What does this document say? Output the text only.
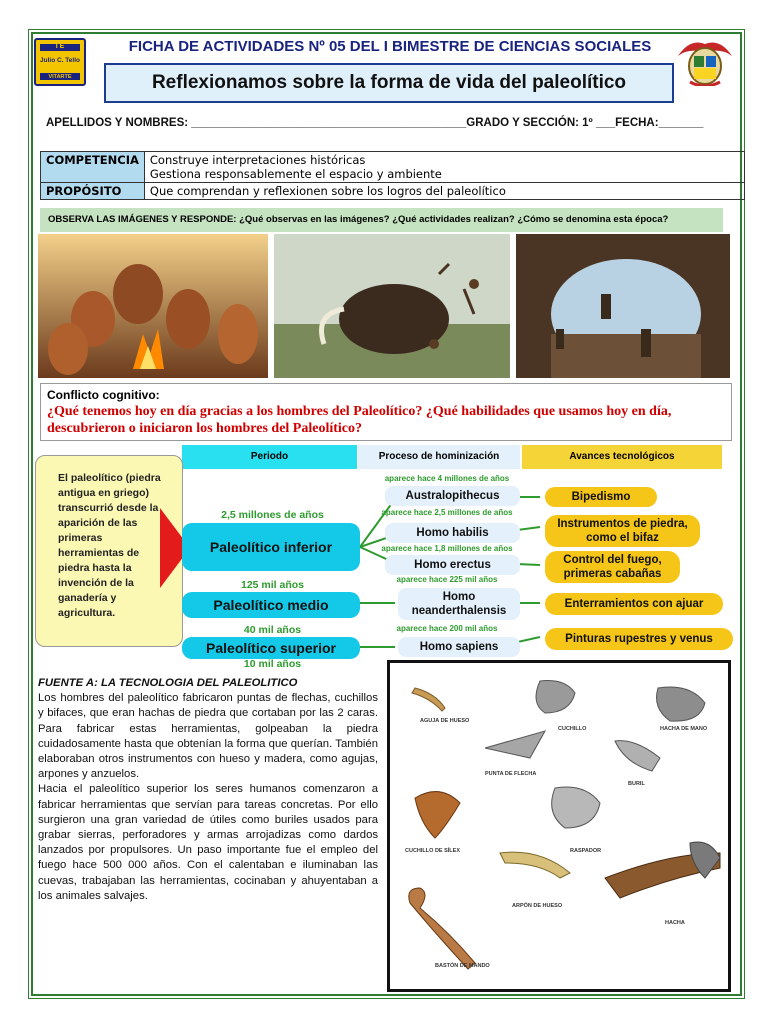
I E
Julio C. Tello
VITARTE
FICHA DE ACTIVIDADES Nº 05 DEL I BIMESTRE DE CIENCIAS SOCIALES
Reflexionamos sobre la forma de vida del paleolítico
APELLIDOS Y NOMBRES: ___________________________________________GRADO Y SECCIÓN: 1º ___FECHA:_______
COMPETENCIA	Construye interpretaciones históricas
Gestiona responsablemente el espacio y ambiente

PROPÓSITO	Que comprendan y reflexionen sobre los logros del paleolítico
OBSERVA LAS IMÁGENES Y RESPONDE: ¿Qué observas en las imágenes? ¿Qué actividades realizan? ¿Cómo se denomina esta época?
Conflicto cognitivo:
¿Qué tenemos hoy en día gracias a los hombres del Paleolítico? ¿Qué habilidades que usamos hoy en día, descubrieron o iniciaron los hombres del Paleolítico?
Periodo	Proceso de hominización	Avances tecnológicos
El paleolítico (piedra antigua en griego) transcurrió desde la aparición de las primeras herramientas de piedra hasta la invención de la ganadería y agricultura.
2,5 millones de años
Paleolítico inferior
125 mil años
Paleolítico medio
40 mil años
Paleolítico superior
10 mil años
aparece hace 4 millones de años
Australopithecus
aparece hace 2,5 millones de años
Homo habilis
aparece hace 1,8 millones de años
Homo erectus
aparece hace 225 mil años
Homo neanderthalensis
aparece hace 200 mil años
Homo sapiens
Bipedismo
Instrumentos de piedra, como el bifaz
Control del fuego, primeras cabañas
Enterramientos con ajuar
Pinturas rupestres y venus
FUENTE A: LA TECNOLOGIA DEL PALEOLITICO
Los hombres del paleolítico fabricaron puntas de flechas, cuchillos y bifaces, que eran hachas de piedra que cortaban por las 2 caras. Para fabricar estas herramientas, golpeaban la piedra cuidadosamente hasta que obtenían la forma que querían. También elaboraban otros instrumentos con hueso y madera, como agujas, arpones y anzuelos.
Hacia el paleolítico superior los seres humanos comenzaron a fabricar herramientas que servían para tareas concretas. Por ello surgieron una gran variedad de útiles como buriles usados para grabar sierras, perforadores y armas arrojadizas como dardos lanzados por propulsores. Un paso importante fue el empleo del fuego hace 500 000 años. Con el calentaban e iluminaban las cuevas, trabajaban las herramientas, cocinaban y ahuyentaban a los animales salvajes.
AGUJA DE HUESO
CUCHILLO	HACHA DE MANO
PUNTA DE FLECHA
BURIL
CUCHILLO DE SÍLEX	RASPADOR
ARPÓN DE HUESO
HACHA
BASTÓN DE MANDO
